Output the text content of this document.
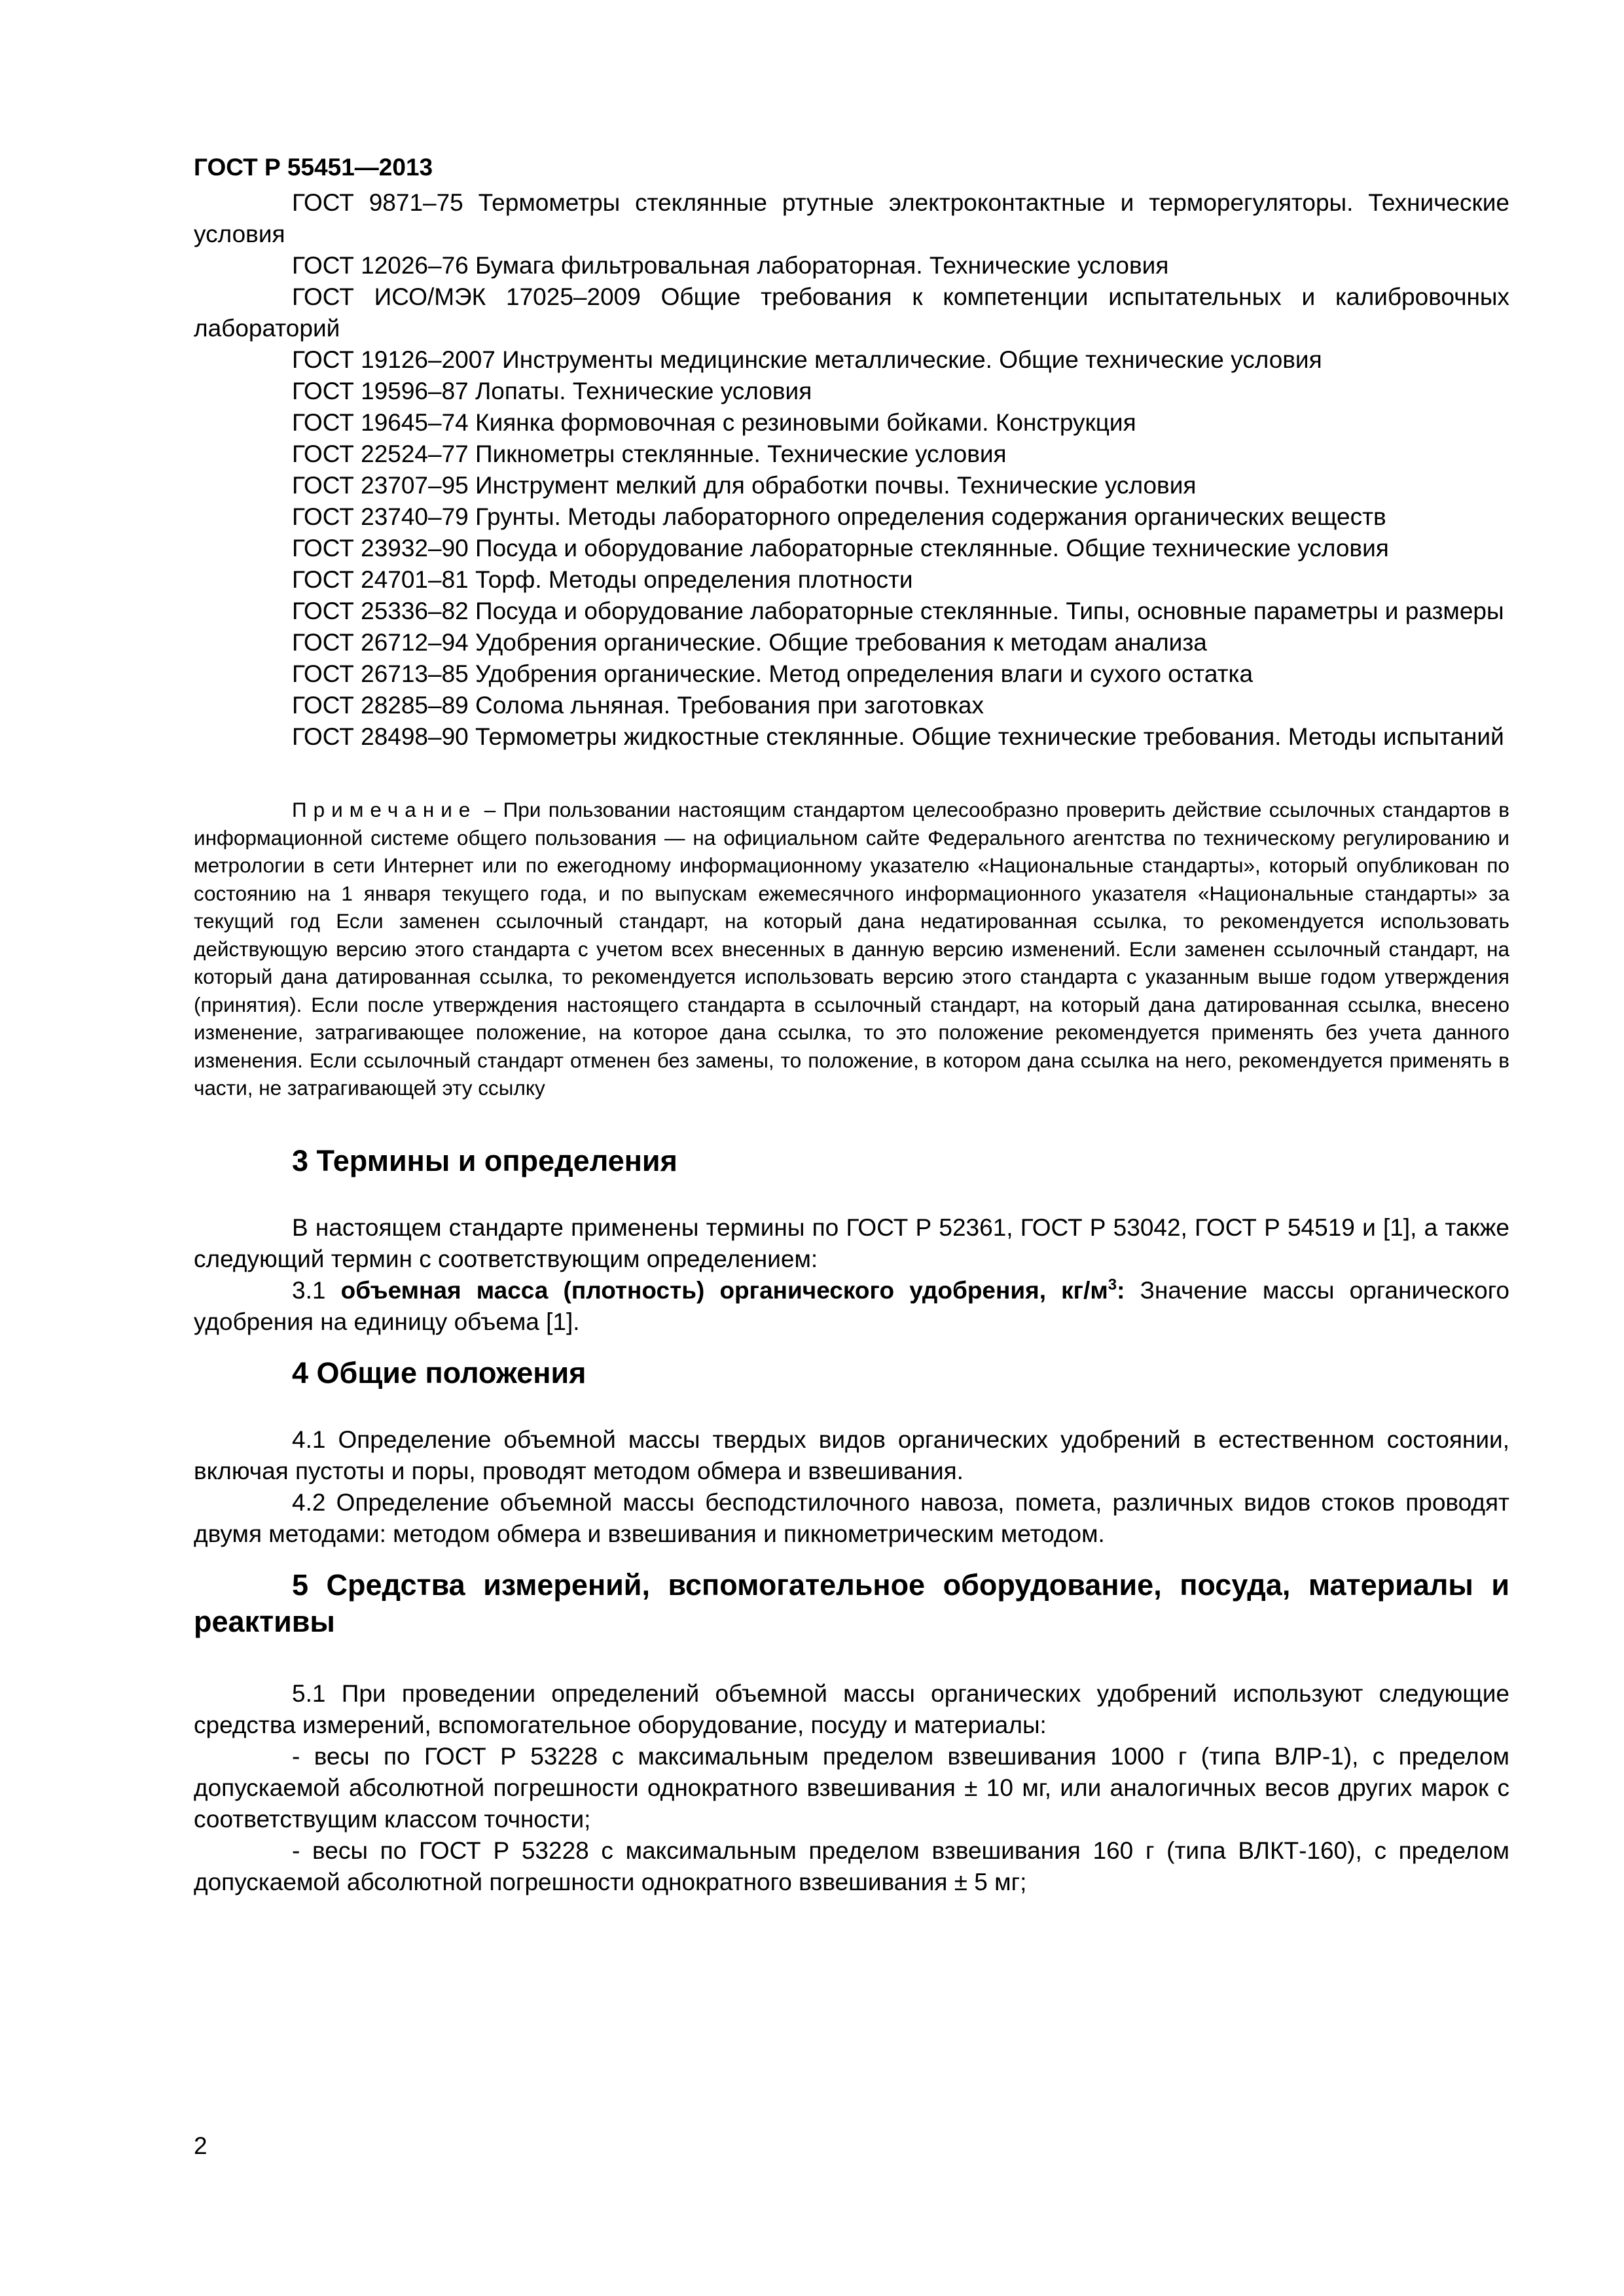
ГОСТ Р 55451—2013

ГОСТ 9871–75 Термометры стеклянные ртутные электроконтактные и терморегуляторы. Технические условия

ГОСТ 12026–76 Бумага фильтровальная лабораторная. Технические условия

ГОСТ ИСО/МЭК 17025–2009 Общие требования к компетенции испытательных и калибровочных лабораторий

ГОСТ 19126–2007 Инструменты медицинские металлические. Общие технические условия

ГОСТ 19596–87 Лопаты. Технические условия

ГОСТ 19645–74 Киянка формовочная с резиновыми бойками. Конструкция

ГОСТ 22524–77 Пикнометры стеклянные. Технические условия

ГОСТ 23707–95 Инструмент мелкий для обработки почвы. Технические условия

ГОСТ 23740–79 Грунты. Методы лабораторного определения содержания органических веществ

ГОСТ 23932–90 Посуда и оборудование лабораторные стеклянные. Общие технические условия

ГОСТ 24701–81 Торф. Методы определения плотности

ГОСТ 25336–82 Посуда и оборудование лабораторные стеклянные. Типы, основные параметры и размеры

ГОСТ 26712–94 Удобрения органические. Общие требования к методам анализа

ГОСТ 26713–85 Удобрения органические. Метод определения влаги и сухого остатка

ГОСТ 28285–89 Солома льняная. Требования при заготовках

ГОСТ 28498–90 Термометры жидкостные стеклянные. Общие технические требования. Методы испытаний

Примечание – При пользовании настоящим стандартом целесообразно проверить действие ссылочных стандартов в информационной системе общего пользования — на официальном сайте Федерального агентства по техническому регулированию и метрологии в сети Интернет или по ежегодному информационному указателю «Национальные стандарты», который опубликован по состоянию на 1 января текущего года, и по выпускам ежемесячного информационного указателя «Национальные стандарты» за текущий год Если заменен ссылочный стандарт, на который дана недатированная ссылка, то рекомендуется использовать действующую версию этого стандарта с учетом всех внесенных в данную версию изменений. Если заменен ссылочный стандарт, на который дана датированная ссылка, то рекомендуется использовать версию этого стандарта с указанным выше годом утверждения (принятия). Если после утверждения настоящего стандарта в ссылочный стандарт, на который дана датированная ссылка, внесено изменение, затрагивающее положение, на которое дана ссылка, то это положение рекомендуется применять без учета данного изменения. Если ссылочный стандарт отменен без замены, то положение, в котором дана ссылка на него, рекомендуется применять в части, не затрагивающей эту ссылку

3 Термины и определения

В настоящем стандарте применены термины по ГОСТ Р 52361, ГОСТ Р 53042, ГОСТ Р 54519 и [1], а также следующий термин с соответствующим определением:

3.1 объемная масса (плотность) органического удобрения, $кг/м^3$: Значение массы органического удобрения на единицу объема [1].

4 Общие положения

4.1 Определение объемной массы твердых видов органических удобрений в естественном состоянии, включая пустоты и поры, проводят методом обмера и взвешивания.

4.2 Определение объемной массы бесподстилочного навоза, помета, различных видов стоков проводят двумя методами: методом обмера и взвешивания и пикнометрическим методом.

5 Средства измерений, вспомогательное оборудование, посуда, материалы и реактивы

5.1 При проведении определений объемной массы органических удобрений используют следующие средства измерений, вспомогательное оборудование, посуду и материалы:

- весы по ГОСТ Р 53228 с максимальным пределом взвешивания 1000 г (типа ВЛР-1), с пределом допускаемой абсолютной погрешности однократного взвешивания ± 10 мг, или аналогичных весов других марок с соответствущим классом точности;

- весы по ГОСТ Р 53228 с максимальным пределом взвешивания 160 г (типа ВЛКТ-160), с пределом допускаемой абсолютной погрешности однократного взвешивания ± 5 мг;

2
